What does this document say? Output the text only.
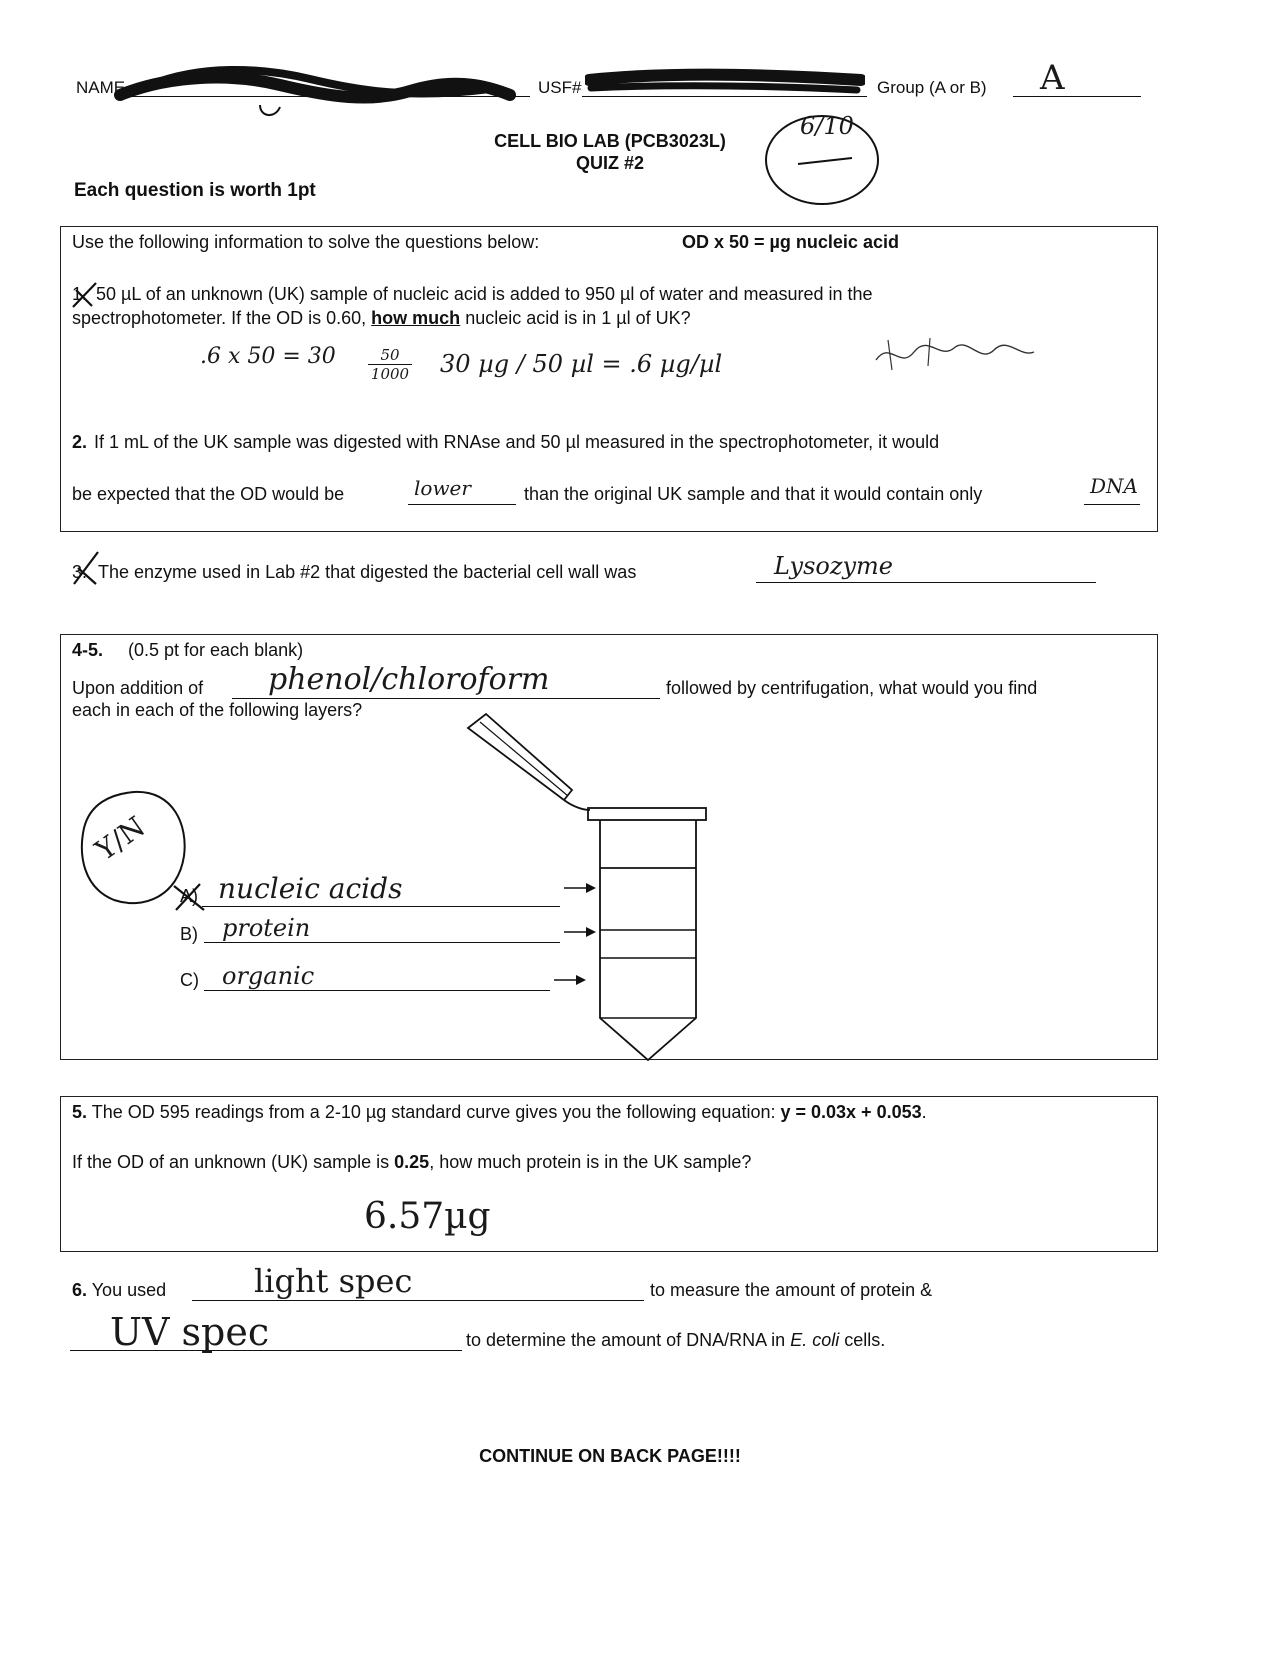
NAME	USF#	Group (A or B) A
CELL BIO LAB (PCB3023L)
QUIZ #2
6/10
Each question is worth 1pt
Use the following information to solve the questions below:	OD x 50 = µg nucleic acid
1. 50 µL of an unknown (UK) sample of nucleic acid is added to 950 µl of water and measured in the
spectrophotometer. If the OD is 0.60, how much nucleic acid is in 1 µl of UK?
.6 x $50 = 30 \frac{50}{1000} 30$ µg / 50 µl = .6 µg/µl
2. If 1 mL of the UK sample was digested with RNAse and 50 µl measured in the spectrophotometer, it would
be expected that the OD would be	lower	than the original UK sample and that it would contain only	DNA
3. The enzyme used in Lab #2 that digested the bacterial cell wall was	Lysozyme
4-5. (0.5 pt for each blank)
Upon addition of phenol/chloroform	followed by centrifugation, what would you find
each in each of the following layers?
Y/N
A) nucleic acids
B) protein
C) organic
5. The OD 595 readings from a 2-10 µg standard curve gives you the following equation: y = 0.03x + 0.053.
If the OD of an unknown (UK) sample is 0.25, how much protein is in the UK sample?
6.57µg
6. You used	light spec	to measure the amount of protein &
UV spec	to determine the amount of DNA/RNA in E. coli cells.
CONTINUE ON BACK PAGE!!!!
